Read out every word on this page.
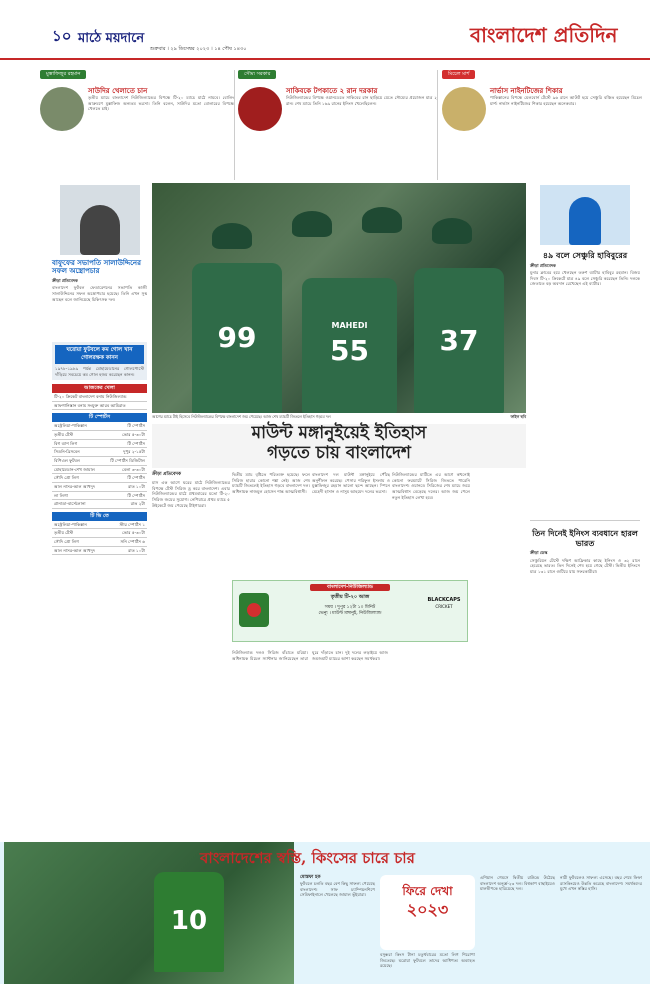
১০ মাঠে ময়দানে
শুক্রবার । ২৯ ডিসেম্বর ২০২৩ । ১৪ পৌষ ১৪৩০
বাংলাদেশ প্রতিদিন
মুস্তাফিজুর রহমান
সাউদির খেলাতে চান
তৃতীয় ম্যাচে বাংলাদেশ নিউজিল্যান্ডের বিপক্ষে টি-২০ ম্যাচে মাঠে নামবে। বোলিং আক্রমণে মুস্তাফিজ অন্যতম ভরসা। তিনি বলেন, সাউদির মতো বোলারের বিপক্ষে খেলতে চাই।
সৌম্য সরকার
সাকিবকে টপকাতে ২ রান দরকার
নিউজিল্যান্ডের বিপক্ষে ওয়ানডেতে সাকিবের রান ছাড়িয়ে যেতে সৌম্যের প্রয়োজন মাত্র ২ রান। শেষ ম্যাচে তিনি ১৬৯ রানের ইনিংস খেলেছিলেন।
মিচেল মার্শ
নার্ভাস নাইনটিজের শিকার
পাকিস্তানের বিপক্ষে মেলবোর্ন টেস্টে ৯৬ রানে আউট হয়ে সেঞ্চুরি বঞ্চিত হয়েছেন মিচেল মার্শ। নার্ভাস নাইনটিজের শিকার হয়েছেন অনেকবার।
বাফুফের সভাপতি সালাউদ্দিনের সফল অস্ত্রোপচার
ক্রীড়া প্রতিবেদক
বাংলাদেশ ফুটবল ফেডারেশনের সভাপতি কাজী সালাউদ্দিনের সফল অস্ত্রোপচার হয়েছে। তিনি এখন সুস্থ আছেন বলে জানিয়েছে চিকিৎসক দল।
ঘরোয়া ফুটবলে কম গোল খান গোলরক্ষক কানন
১৯৭৮-১৯৮৯ পর্যন্ত মোহামেডানের গোলপোস্টে দাঁড়িয়ে সবচেয়ে কম গোল হজম করেছেন কানন।
আজকের খেলা
টি-২০ ক্রিকেট বাংলাদেশ বনাম নিউজিল্যান্ড
আফগানিস্তান বনাম সংযুক্ত আরব আমিরাত
টি স্পোর্টস
অস্ট্রেলিয়া-পাকিস্তান	টি স্পোর্টস
তৃতীয় টেস্ট	ভোর ৫-৩০টা
বিগ ব্যাশ লিগ	টি স্পোর্টস
সিডনি-ব্রিসবেন	দুপুর ২-১৫টা
বিপিএল ফুটবল	টি স্পোর্টস ডিজিটাল
মোহামেডান-শেখ জামাল	বেলা ৩-৩০টা
সৌদি প্রো লিগ	টি স্পোর্টস
আল নাসর-আল আখদুদ	রাত ১০টা
লা লিগা	টি স্পোর্টস
গ্রানাডা-বার্সেলোনা	রাত ২টা
টি ভি তে
অস্ট্রেলিয়া-পাকিস্তান	স্টার স্পোর্টস ১
তৃতীয় টেস্ট	ভোর ৫-৩০টা
সৌদি প্রো লিগ	সনি স্পোর্টস ৬
আল নাসর-আল আখদুদ	রাত ১০টা
99	MAHEDI
55	37
আগের ম্যাচে টাই হিসেবে নিউজিল্যান্ডের বিপক্ষে বাংলাদেশ জয় পেয়েছে। আজ শেষ ম্যাচটি জিতলে ইতিহাস গড়বে দল	ফাইল ছবি
মাউন্ট মঙ্গানুইয়েই ইতিহাস
গড়তে চায় বাংলাদেশ
ক্রীড়া প্রতিবেদক
মাস এক আগে ঘরের মাঠে নিউজিল্যান্ডের বিপক্ষে টেস্ট সিরিজ ড্র করে বাংলাদেশ। এবার নিউজিল্যান্ডের মাঠে প্রথমবারের মতো টি-২০ সিরিজ জয়ের সুযোগ। নেপিয়ারে প্রথম ম্যাচে ৫ উইকেটে জয় পেয়েছে টাইগাররা।
দ্বিতীয় ম্যাচ বৃষ্টিতে পরিত্যক্ত হয়েছে। ফলে সিরিজ হারার কোনো শঙ্কা নেই। আজ শেষ ম্যাচটি জিতলেই ইতিহাস গড়বে বাংলাদেশ দল। অধিনায়ক নাজমুল হোসেন শান্ত আত্মবিশ্বাসী।
বাংলাদেশ দল মাউন্ট মঙ্গানুইয়ে পৌঁছে অনুশীলন করেছে। পেসার শরিফুল ইসলাম ও মুস্তাফিজুর রহমান ভালো ছন্দে আছেন। স্পিনে মেহেদী হাসান ও নাসুম আহমেদ দলের ভরসা।
নিউজিল্যান্ডের মাটিতে এর আগে কখনোই কোনো ফরম্যাটে সিরিজ জিততে পারেনি বাংলাদেশ। ওয়ানডে সিরিজের শেষ ম্যাচে জয়ে আত্মবিশ্বাস বেড়েছে দলের। আজ জয় পেলে নতুন ইতিহাস লেখা হবে।
নিউজিল্যান্ড দলও সিরিজ বাঁচাতে মরিয়া। অধিনায়ক মিচেল স্যান্টনার জানিয়েছেন তারা ঘুরে দাঁড়াতে চান। দুই দলের লড়াইয়ে আজ জমজমাট ম্যাচের আশা করছেন সমর্থকরা।
বাংলাদেশ-নিউজিল্যান্ড
তৃতীয় টি-২০ আজ
সময় । দুপুর ১২টা ১০ মিনিট
ভেন্যু । মাউন্ট মঙ্গানুই, নিউজিল্যান্ড
BLACKCAPS
CRICKET
৪৯ বলে সেঞ্চুরি হাবিবুরের
ক্রীড়া প্রতিবেদক
মুনার ক্লাবের হয়ে খেলছেন তরুণ ব্যাটার হাবিবুর রহমান। বিজয় দিবস টি-২০ ক্রিকেটে মাত্র ৪৯ বলে সেঞ্চুরি করেছেন তিনি। দলকে জেতাতে বড় অবদান রেখেছেন এই ব্যাটার।
তিন দিনেই ইনিংস ব্যবধানে হারল ভারত
ক্রীড়া ডেস্ক
সেঞ্চুরিয়ন টেস্টে দক্ষিণ আফ্রিকার কাছে ইনিংস ও ৩২ রানে হেরেছে ভারত। তিন দিনেই শেষ হয়ে গেছে টেস্ট। দ্বিতীয় ইনিংসে মাত্র ১৩১ রানে গুটিয়ে যায় সফরকারীরা।
10
বাংলাদেশের স্বস্তি, কিংসের চারে চার
মোস্তফা হক
ফুটবলে চলতি বছর বেশ কিছু সাফল্য পেয়েছে বাংলাদেশ। সাফ চ্যাম্পিয়নশিপে সেমিফাইনালে খেলেছে জামাল ভূঁইয়ারা।	ফিরে দেখা
২০২৩
বসুন্ধরা কিংস টানা চতুর্থবারের মতো লিগ শিরোপা জিতেছে। ঘরোয়া ফুটবলে তাদের আধিপত্য অব্যাহত রয়েছে।
এশিয়ান গেমসে দ্বিতীয় রাউন্ডে উঠেছে বাংলাদেশ অনূর্ধ্ব-২৩ দল। বিশ্বকাপ বাছাইয়েও মালদ্বীপকে হারিয়েছে দল।
নারী ফুটবলেও সাফল্য এসেছে। বছর শেষে ফিফা র‍্যাংকিংয়েও উন্নতি করেছে বাংলাদেশ। সমর্থকদের মুখে এখন স্বস্তির হাসি।
